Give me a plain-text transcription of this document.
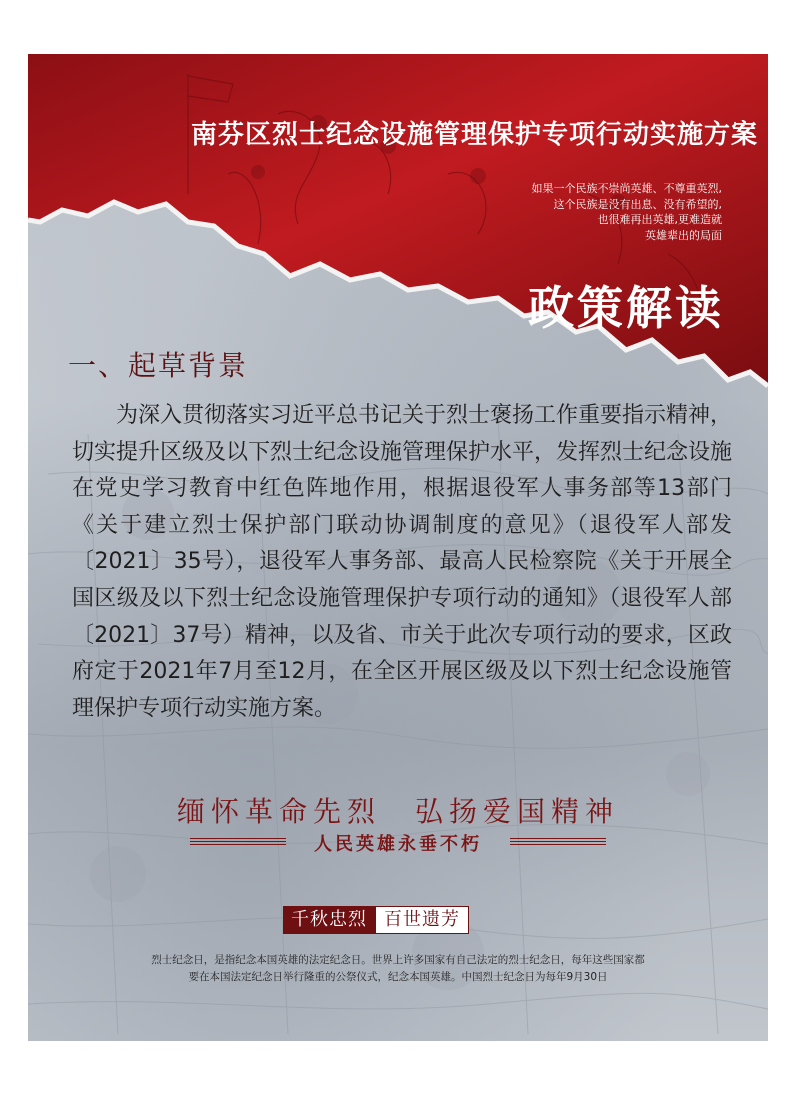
南芬区烈士纪念设施管理保护专项行动实施方案
如果一个民族不崇尚英雄、不尊重英烈,
这个民族是没有出息、没有希望的,
也很难再出英雄,更难造就
英雄辈出的局面
政策解读
一、起草背景
为深入贯彻落实习近平总书记关于烈士褒扬工作重要指示精神，切实提升区级及以下烈士纪念设施管理保护水平，发挥烈士纪念设施在党史学习教育中红色阵地作用，根据退役军人事务部等13部门《关于建立烈士保护部门联动协调制度的意见》（退役军人部发〔2021〕35号），退役军人事务部、最高人民检察院《关于开展全国区级及以下烈士纪念设施管理保护专项行动的通知》（退役军人部〔2021〕37号）精神，以及省、市关于此次专项行动的要求，区政府定于2021年7月至12月，在全区开展区级及以下烈士纪念设施管理保护专项行动实施方案。
缅怀革命先烈　弘扬爱国精神
人民英雄永垂不朽
千秋忠烈 百世遗芳
烈士纪念日，是指纪念本国英雄的法定纪念日。世界上许多国家有自己法定的烈士纪念日，每年这些国家都
要在本国法定纪念日举行隆重的公祭仪式，纪念本国英雄。中国烈士纪念日为每年9月30日
